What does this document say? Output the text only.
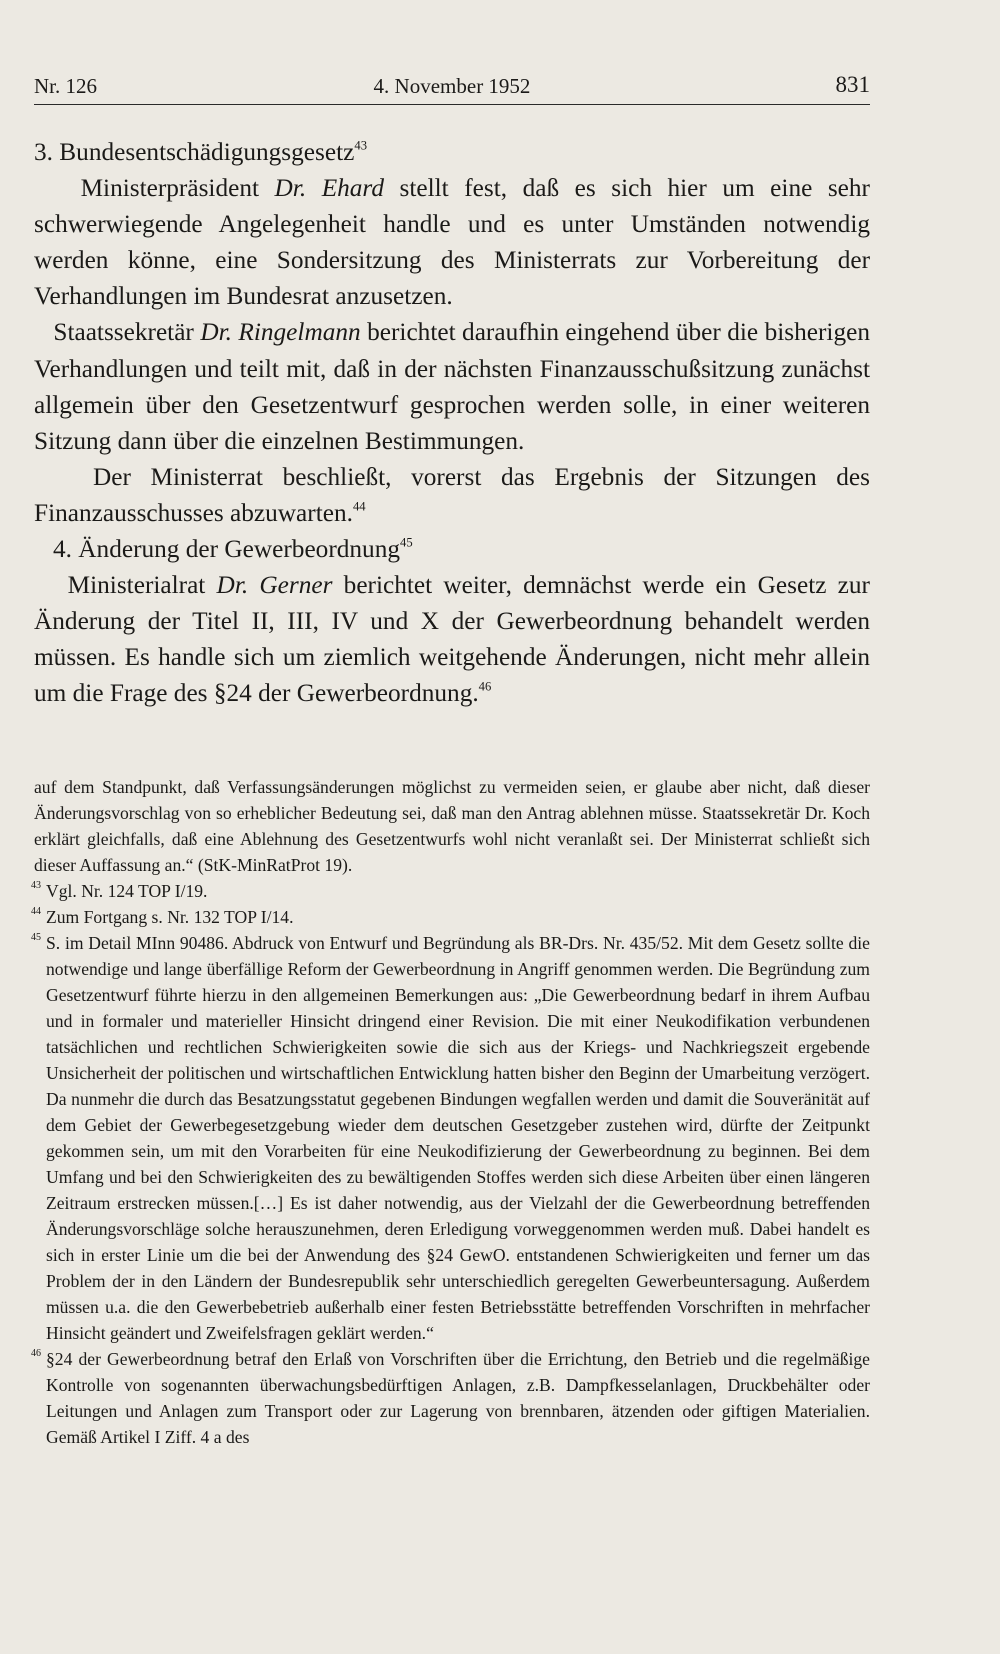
Nr. 126	4. November 1952	831

3. Bundesentschädigungsgesetz$^{43}$

Ministerpräsident Dr. Ehard stellt fest, daß es sich hier um eine sehr schwerwiegende Angelegenheit handle und es unter Umständen notwendig werden könne, eine Sondersitzung des Ministerrats zur Vorbereitung der Verhandlungen im Bundesrat anzusetzen.

Staatssekretär Dr. Ringelmann berichtet daraufhin eingehend über die bisherigen Verhandlungen und teilt mit, daß in der nächsten Finanzausschußsitzung zunächst allgemein über den Gesetzentwurf gesprochen werden solle, in einer weiteren Sitzung dann über die einzelnen Bestimmungen.

Der Ministerrat beschließt, vorerst das Ergebnis der Sitzungen des Finanzausschusses abzuwarten.$^{44}$

4. Änderung der Gewerbeordnung$^{45}$

Ministerialrat Dr. Gerner berichtet weiter, demnächst werde ein Gesetz zur Änderung der Titel II, III, IV und X der Gewerbeordnung behandelt werden müssen. Es handle sich um ziemlich weitgehende Änderungen, nicht mehr allein um die Frage des §24 der Gewerbeordnung.$^{46}$

auf dem Standpunkt, daß Verfassungsänderungen möglichst zu vermeiden seien, er glaube aber nicht, daß dieser Änderungsvorschlag von so erheblicher Bedeutung sei, daß man den Antrag ablehnen müsse. Staatssekretär Dr. Koch erklärt gleichfalls, daß eine Ablehnung des Gesetzentwurfs wohl nicht veranlaßt sei. Der Ministerrat schließt sich dieser Auffassung an.“ (StK-MinRatProt 19).

43 Vgl. Nr. 124 TOP I/19.

44 Zum Fortgang s. Nr. 132 TOP I/14.

45 S. im Detail MInn 90486. Abdruck von Entwurf und Begründung als BR-Drs. Nr. 435/52. Mit dem Gesetz sollte die notwendige und lange überfällige Reform der Gewerbeordnung in Angriff genommen werden. Die Begründung zum Gesetzentwurf führte hierzu in den allgemeinen Bemerkungen aus: „Die Gewerbeordnung bedarf in ihrem Aufbau und in formaler und materieller Hinsicht dringend einer Revision. Die mit einer Neukodifikation verbundenen tatsächlichen und rechtlichen Schwierigkeiten sowie die sich aus der Kriegs- und Nachkriegszeit ergebende Unsicherheit der politischen und wirtschaftlichen Entwicklung hatten bisher den Beginn der Umarbeitung verzögert. Da nunmehr die durch das Besatzungsstatut gegebenen Bindungen wegfallen werden und damit die Souveränität auf dem Gebiet der Gewerbegesetzgebung wieder dem deutschen Gesetzgeber zustehen wird, dürfte der Zeitpunkt gekommen sein, um mit den Vorarbeiten für eine Neukodifizierung der Gewerbeordnung zu beginnen. Bei dem Umfang und bei den Schwierigkeiten des zu bewältigenden Stoffes werden sich diese Arbeiten über einen längeren Zeitraum erstrecken müssen.[…] Es ist daher notwendig, aus der Vielzahl der die Gewerbeordnung betreffenden Änderungsvorschläge solche herauszunehmen, deren Erledigung vorweggenommen werden muß. Dabei handelt es sich in erster Linie um die bei der Anwendung des §24 GewO. entstandenen Schwierigkeiten und ferner um das Problem der in den Ländern der Bundesrepublik sehr unterschiedlich geregelten Gewerbeuntersagung. Außerdem müssen u.a. die den Gewerbebetrieb außerhalb einer festen Betriebsstätte betreffenden Vorschriften in mehrfacher Hinsicht geändert und Zweifelsfragen geklärt werden.“

46 §24 der Gewerbeordnung betraf den Erlaß von Vorschriften über die Errichtung, den Betrieb und die regelmäßige Kontrolle von sogenannten überwachungsbedürftigen Anlagen, z.B. Dampfkesselanlagen, Druckbehälter oder Leitungen und Anlagen zum Transport oder zur Lagerung von brennbaren, ätzenden oder giftigen Materialien. Gemäß Artikel I Ziff. 4 a des
